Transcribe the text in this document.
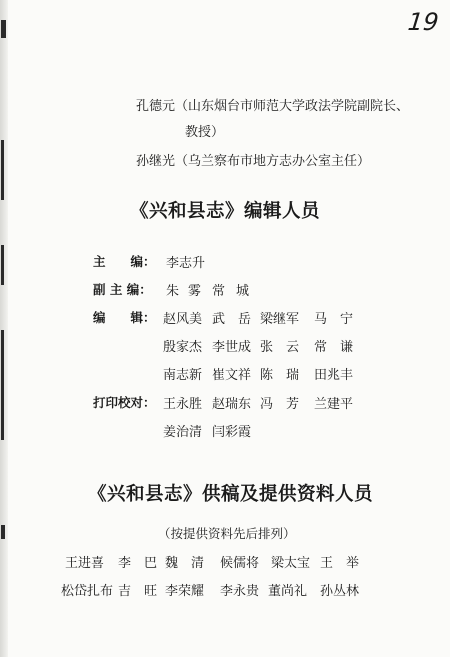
19
孔德元（山东烟台市师范大学政法学院副院长、
教授）
孙继光（乌兰察布市地方志办公室主任）
《兴和县志》编辑人员
主　　编： 李志升
副 主 编： 朱 雾 常 城
编　　辑： 赵风美 武　岳 梁继军 马　宁
殷家杰 李世成 张　云 常　谦
南志新 崔文祥 陈　瑞 田兆丰
打印校对： 王永胜 赵瑞东 冯　芳 兰建平
姜治清 闫彩霞
《兴和县志》供稿及提供资料人员
（按提供资料先后排列）
王进喜 李　巴 魏　清 候儒将 梁太宝 王　举
松岱扎布 吉　旺 李荣耀 李永贵 董尚礼 孙丛林
